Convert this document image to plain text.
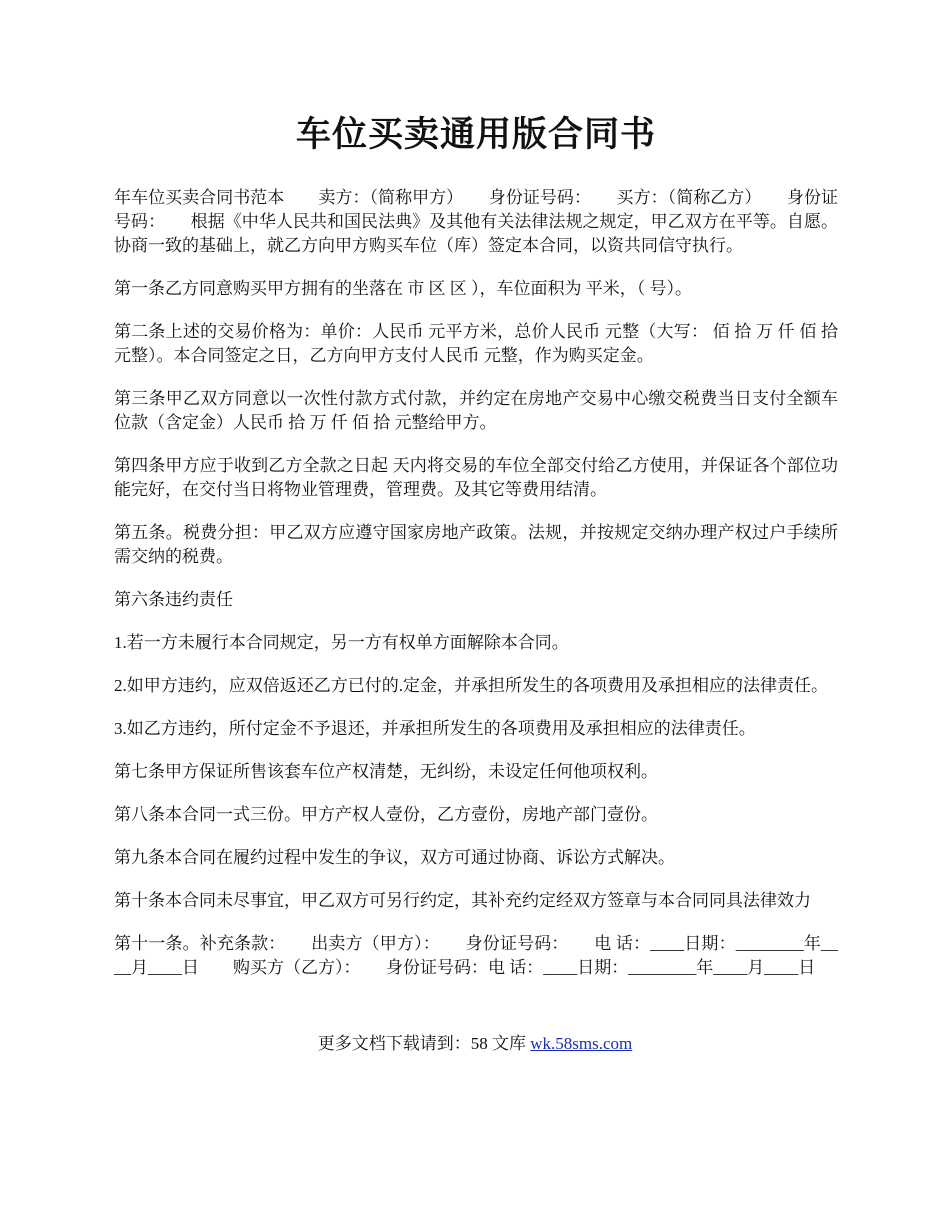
车位买卖通用版合同书

年车位买卖合同书范本　　卖方：（简称甲方）　　身份证号码：　　买方：（简称乙方）　　身份证号码：　　根据《中华人民共和国民法典》及其他有关法律法规之规定，甲乙双方在平等。自愿。协商一致的基础上，就乙方向甲方购买车位（库）签定本合同，以资共同信守执行。

第一条乙方同意购买甲方拥有的坐落在 市 区 区 ），车位面积为 平米，（ 号）。

第二条上述的交易价格为：单价：人民币 元平方米，总价人民币 元整（大写： 佰 拾 万 仟 佰 拾 元整）。本合同签定之日，乙方向甲方支付人民币 元整，作为购买定金。

第三条甲乙双方同意以一次性付款方式付款，并约定在房地产交易中心缴交税费当日支付全额车位款（含定金）人民币 拾 万 仟 佰 拾 元整给甲方。

第四条甲方应于收到乙方全款之日起 天内将交易的车位全部交付给乙方使用，并保证各个部位功能完好，在交付当日将物业管理费，管理费。及其它等费用结清。

第五条。税费分担：甲乙双方应遵守国家房地产政策。法规，并按规定交纳办理产权过户手续所需交纳的税费。

第六条违约责任

1.若一方未履行本合同规定，另一方有权单方面解除本合同。

2.如甲方违约，应双倍返还乙方已付的.定金，并承担所发生的各项费用及承担相应的法律责任。

3.如乙方违约，所付定金不予退还，并承担所发生的各项费用及承担相应的法律责任。

第七条甲方保证所售该套车位产权清楚，无纠纷，未设定任何他项权利。

第八条本合同一式三份。甲方产权人壹份，乙方壹份，房地产部门壹份。

第九条本合同在履约过程中发生的争议，双方可通过协商、诉讼方式解决。

第十条本合同未尽事宜，甲乙双方可另行约定，其补充约定经双方签章与本合同同具法律效力

第十一条。补充条款：　　出卖方（甲方）：　　身份证号码：　　电 话：____日期：________年____月____日　　购买方（乙方）：　　身份证号码：电 话：____日期：________年____月____日

更多文档下载请到：58 文库 wk.58sms.com
